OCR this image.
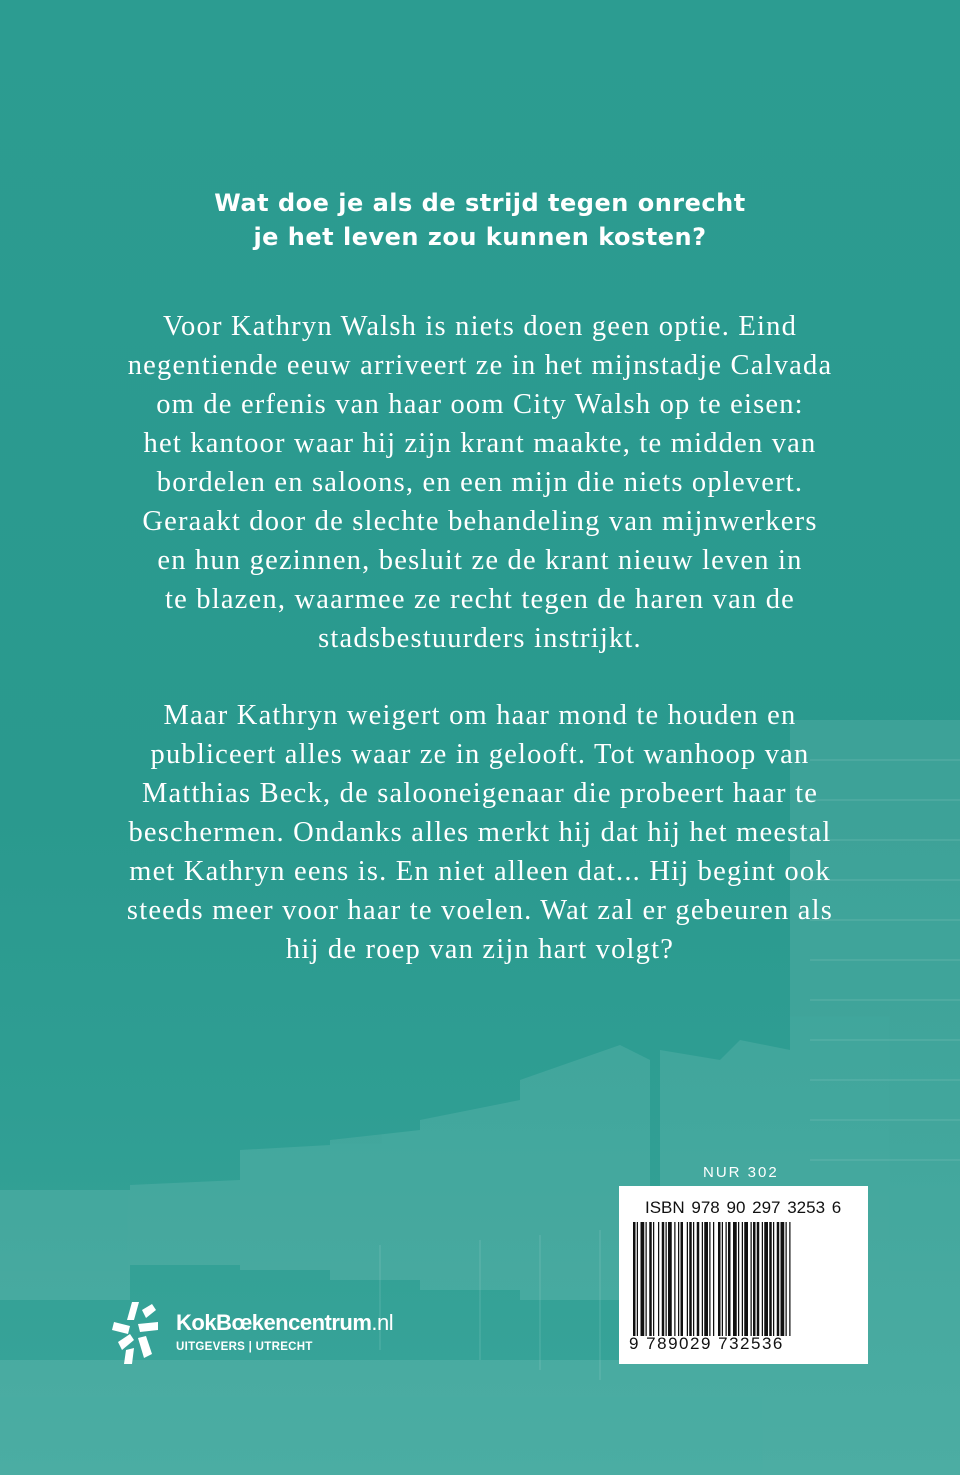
Wat doe je als de strijd tegen onrecht
je het leven zou kunnen kosten?
Voor Kathryn Walsh is niets doen geen optie. Eind
negentiende eeuw arriveert ze in het mijnstadje Calvada
om de erfenis van haar oom City Walsh op te eisen:
het kantoor waar hij zijn krant maakte, te midden van
bordelen en saloons, en een mijn die niets oplevert.
Geraakt door de slechte behandeling van mijnwerkers
en hun gezinnen, besluit ze de krant nieuw leven in
te blazen, waarmee ze recht tegen de haren van de
stadsbestuurders instrijkt.
Maar Kathryn weigert om haar mond te houden en
publiceert alles waar ze in gelooft. Tot wanhoop van
Matthias Beck, de salooneigenaar die probeert haar te
beschermen. Ondanks alles merkt hij dat hij het meestal
met Kathryn eens is. En niet alleen dat... Hij begint ook
steeds meer voor haar te voelen. Wat zal er gebeuren als
hij de roep van zijn hart volgt?
NUR 302
ISBN 978 90 297 3253 6
9 789029 732536
KokBœkencentrum.nl
UITGEVERS | UTRECHT
